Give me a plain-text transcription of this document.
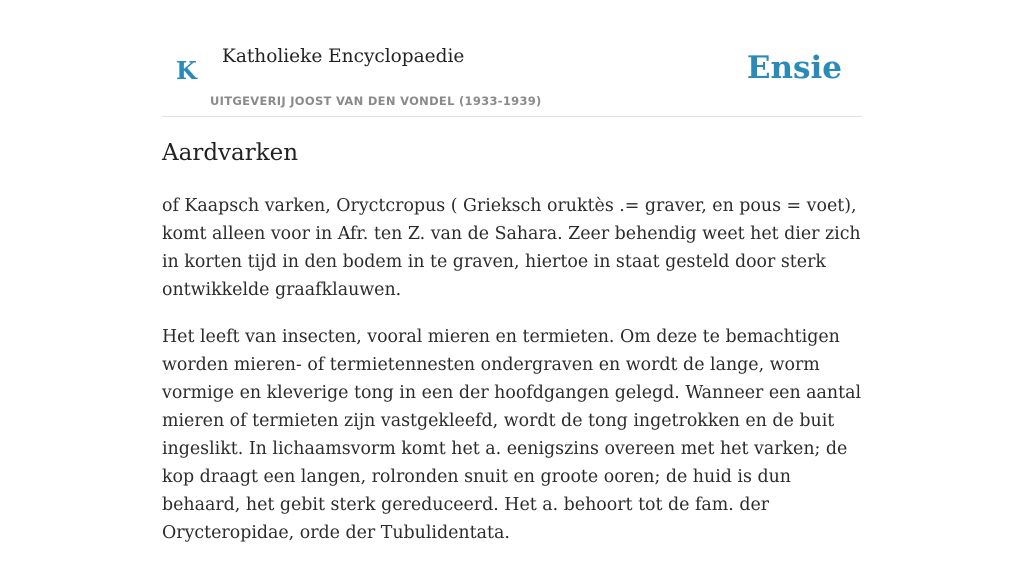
K Katholieke Encyclopaedie
UITGEVERIJ JOOST VAN DEN VONDEL (1933-1939)
Ensie
Aardvarken

of Kaapsch varken, Oryctcropus ( Grieksch oruktès .= graver, en pous = voet), komt alleen voor in Afr. ten Z. van de Sahara. Zeer behendig weet het dier zich in korten tijd in den bodem in te graven, hiertoe in staat gesteld door sterk ontwikkelde graafklauwen.

Het leeft van insecten, vooral mieren en termieten. Om deze te bemachtigen worden mieren- of termietennesten ondergraven en wordt de lange, worm vormige en kleverige tong in een der hoofdgangen gelegd. Wanneer een aantal mieren of termieten zijn vastgekleefd, wordt de tong ingetrokken en de buit ingeslikt. In lichaamsvorm komt het a. eenigszins overeen met het varken; de kop draagt een langen, rolronden snuit en groote ooren; de huid is dun behaard, het gebit sterk gereduceerd. Het a. behoort tot de fam. der Orycteropidae, orde der Tubulidentata.
